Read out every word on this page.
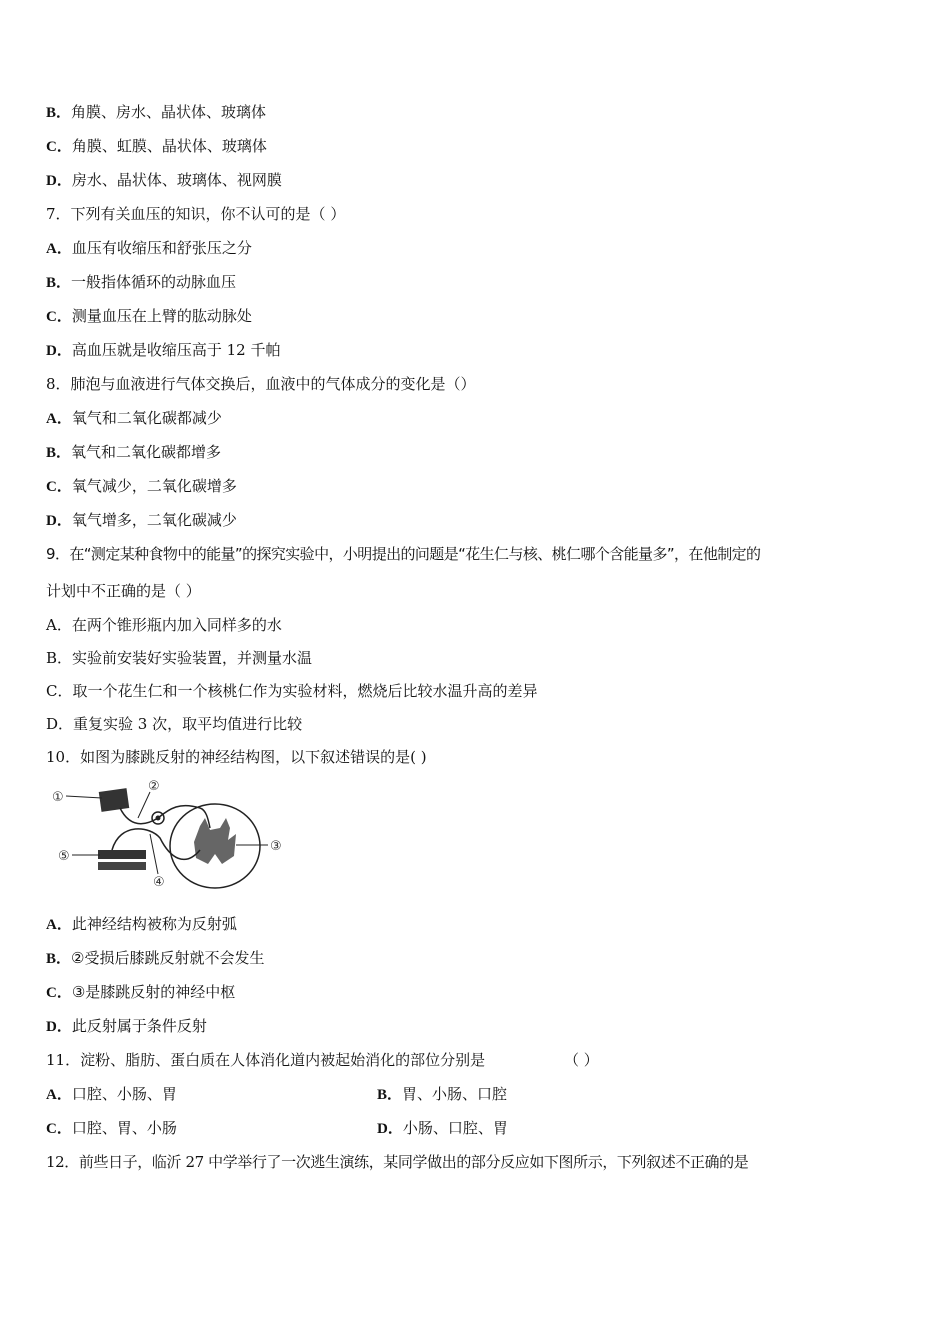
B．角膜、房水、晶状体、玻璃体
C．角膜、虹膜、晶状体、玻璃体
D．房水、晶状体、玻璃体、视网膜
7．下列有关血压的知识，你不认可的是（ ）
A．血压有收缩压和舒张压之分
B．一般指体循环的动脉血压
C．测量血压在上臂的肱动脉处
D．高血压就是收缩压高于 12 千帕
8．肺泡与血液进行气体交换后，血液中的气体成分的变化是（）
A．氧气和二氧化碳都减少
B．氧气和二氧化碳都增多
C．氧气减少，二氧化碳增多
D．氧气增多，二氧化碳减少
9．在“测定某种食物中的能量”的探究实验中，小明提出的问题是“花生仁与核、桃仁哪个含能量多”，在他制定的
计划中不正确的是（ ）
A．在两个锥形瓶内加入同样多的水
B．实验前安装好实验装置，并测量水温
C．取一个花生仁和一个核桃仁作为实验材料，燃烧后比较水温升高的差异
D．重复实验 3 次，取平均值进行比较
10．如图为膝跳反射的神经结构图，以下叙述错误的是( )
①
②
③
④
⑤
A．此神经结构被称为反射弧
B．②受损后膝跳反射就不会发生
C．③是膝跳反射的神经中枢
D．此反射属于条件反射
11．淀粉、脂肪、蛋白质在人体消化道内被起始消化的部位分别是	（ ）
A．口腔、小肠、胃	B．胃、小肠、口腔
C．口腔、胃、小肠	D．小肠、口腔、胃
12．前些日子，临沂 27 中学举行了一次逃生演练，某同学做出的部分反应如下图所示，下列叙述不正确的是
